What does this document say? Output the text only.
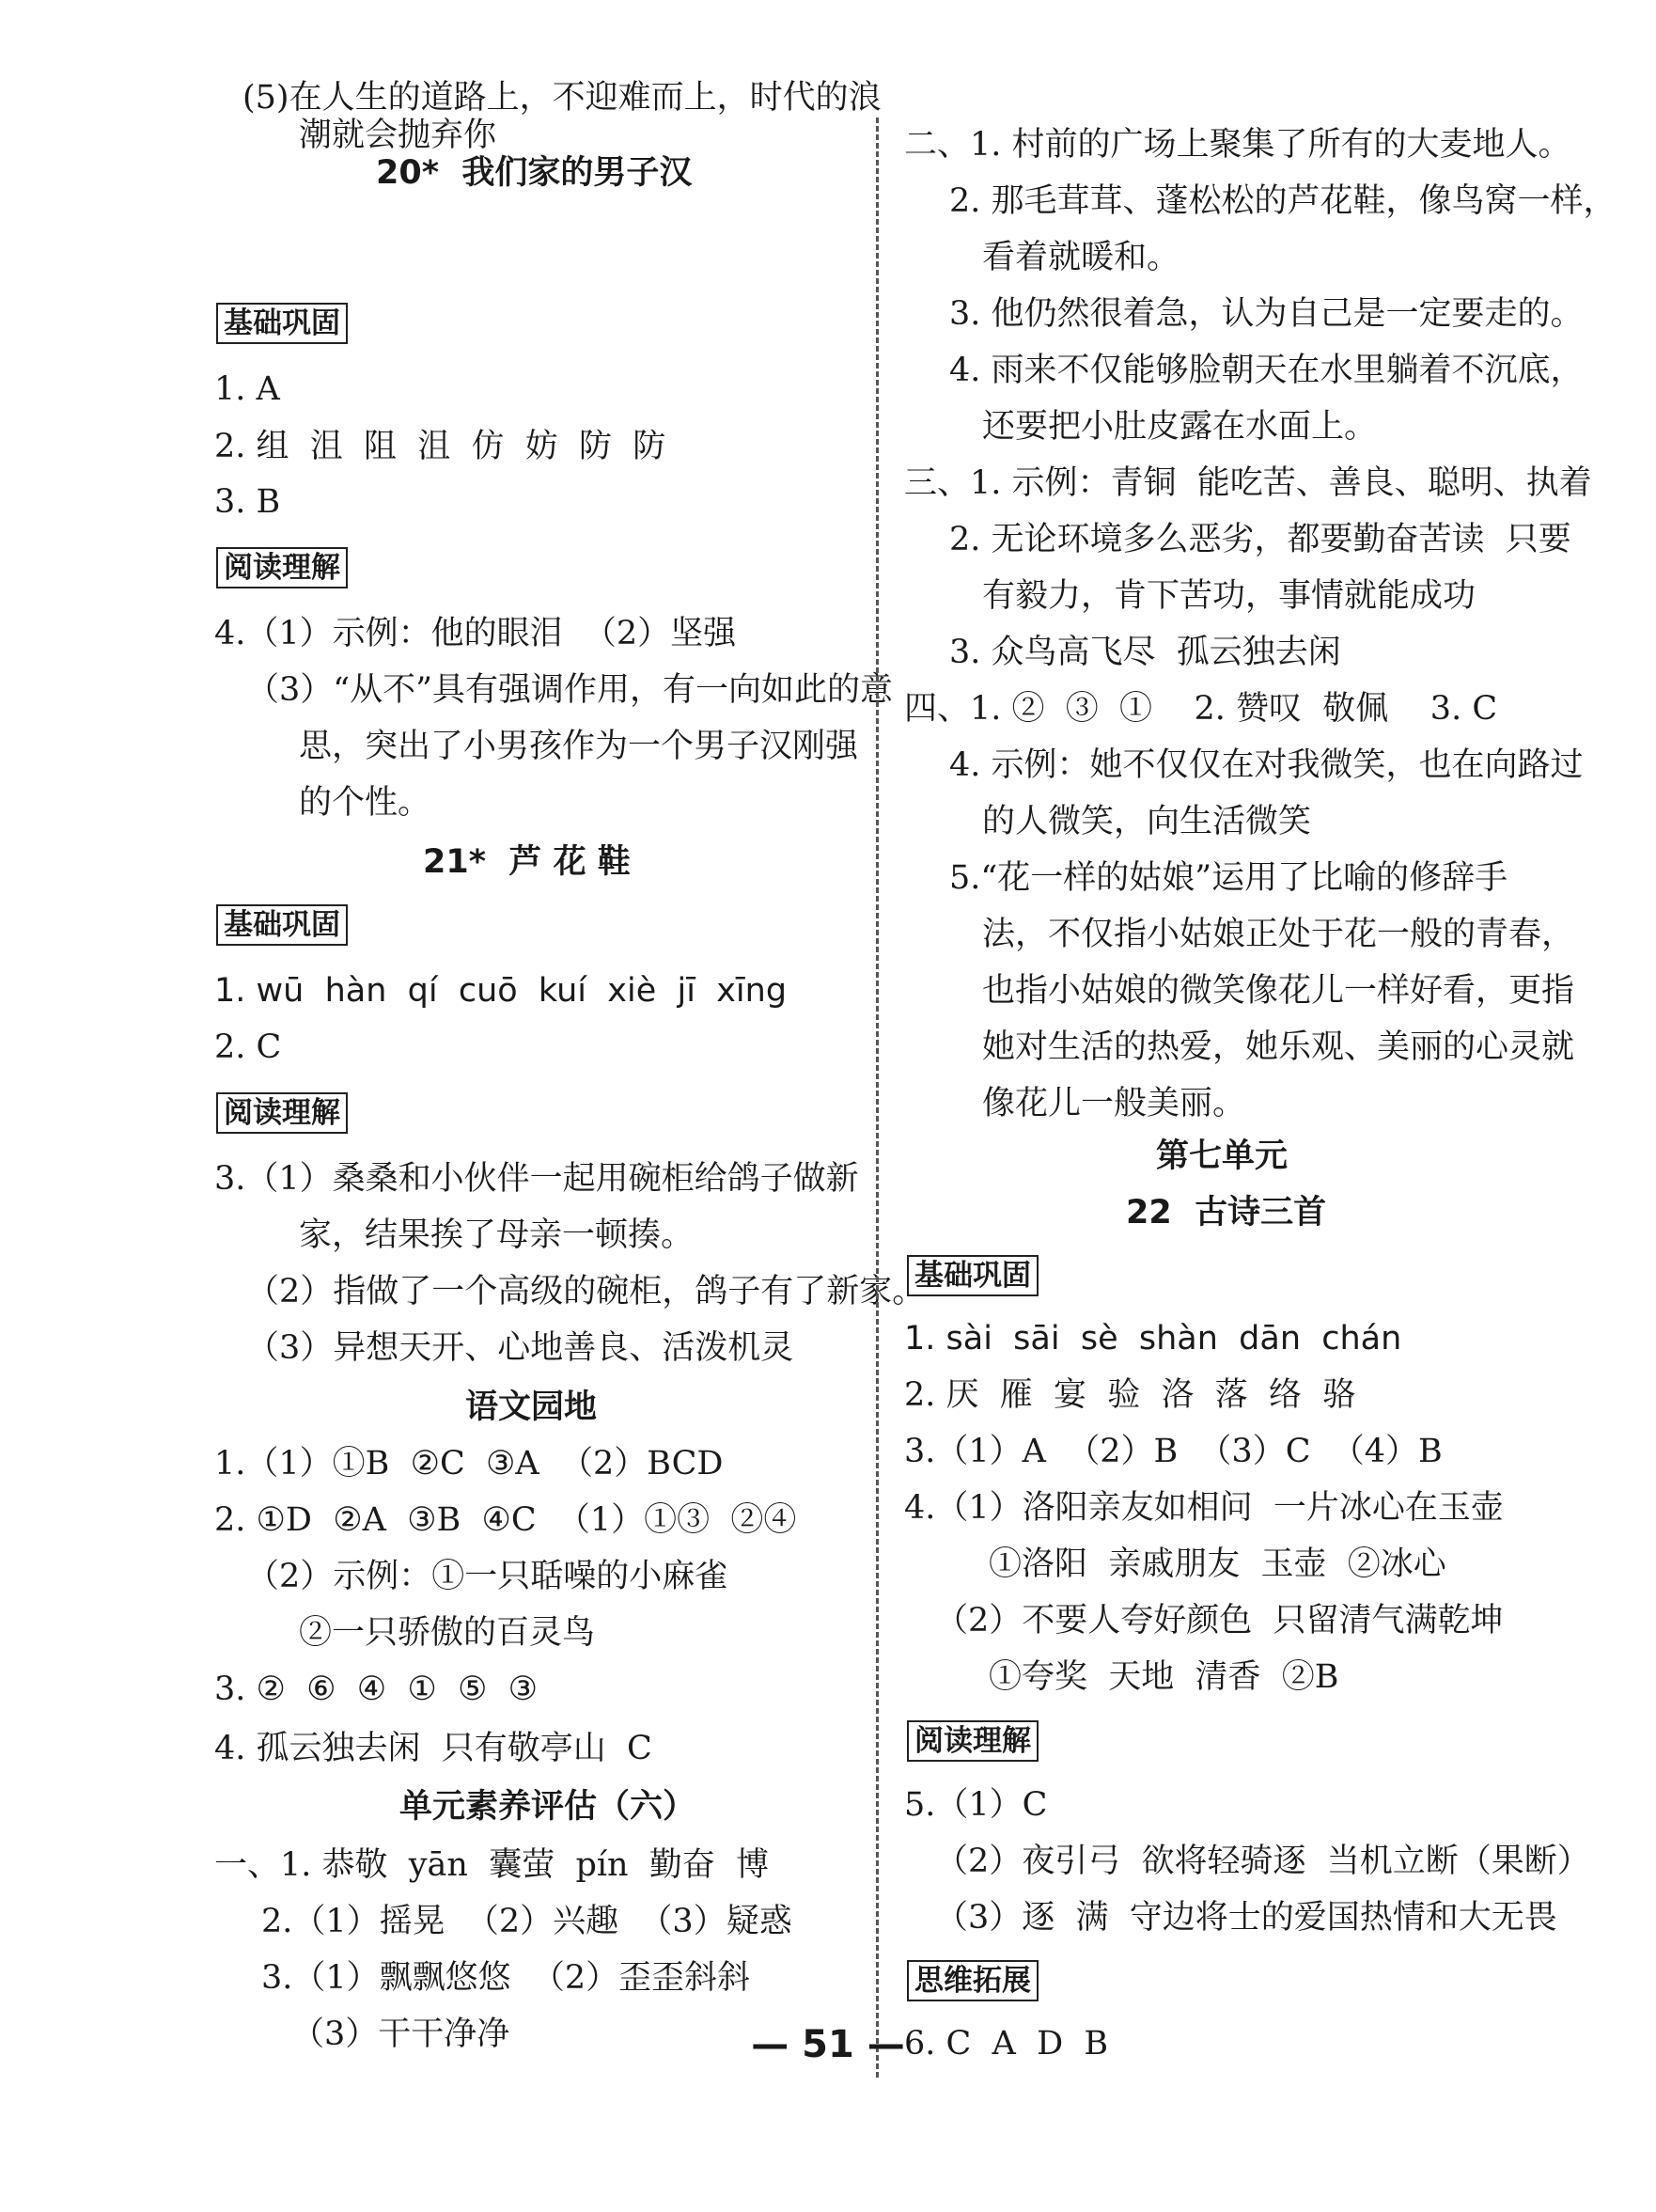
(5)在人生的道路上，不迎难而上，时代的浪
潮就会抛弃你
20*  我们家的男子汉
基础巩固
1. A
2. 组  沮  阻  沮  仿  妨  防  防
3. B
阅读理解
4.（1）示例：他的眼泪  （2）坚强
（3）“从不”具有强调作用，有一向如此的意
思，突出了小男孩作为一个男子汉刚强
的个性。
21*  芦 花 鞋
基础巩固
1. wū  hàn  qí  cuō  kuí  xiè  jī  xīng
2. C
阅读理解
3.（1）桑桑和小伙伴一起用碗柜给鸽子做新
家，结果挨了母亲一顿揍。
（2）指做了一个高级的碗柜，鸽子有了新家。
（3）异想天开、心地善良、活泼机灵
语文园地
1.（1）①B  ②C  ③A  （2）BCD
2. ①D  ②A  ③B  ④C  （1）①③  ②④
（2）示例：①一只聒噪的小麻雀
②一只骄傲的百灵鸟
3. ②  ⑥  ④  ①  ⑤  ③
4. 孤云独去闲  只有敬亭山  C
单元素养评估（六）
一、1. 恭敬  yān  囊萤  pín  勤奋  博
2.（1）摇晃  （2）兴趣  （3）疑惑
3.（1）飘飘悠悠  （2）歪歪斜斜
（3）干干净净
二、1. 村前的广场上聚集了所有的大麦地人。
2. 那毛茸茸、蓬松松的芦花鞋，像鸟窝一样，
看着就暖和。
3. 他仍然很着急，认为自己是一定要走的。
4. 雨来不仅能够脸朝天在水里躺着不沉底，
还要把小肚皮露在水面上。
三、1. 示例：青铜  能吃苦、善良、聪明、执着
2. 无论环境多么恶劣，都要勤奋苦读  只要
有毅力，肯下苦功，事情就能成功
3. 众鸟高飞尽  孤云独去闲
四、1. ②  ③  ①    2. 赞叹  敬佩    3. C
4. 示例：她不仅仅在对我微笑，也在向路过
的人微笑，向生活微笑
5.“花一样的姑娘”运用了比喻的修辞手
法，不仅指小姑娘正处于花一般的青春，
也指小姑娘的微笑像花儿一样好看，更指
她对生活的热爱，她乐观、美丽的心灵就
像花儿一般美丽。
第七单元
22  古诗三首
基础巩固
1. sài  sāi  sè  shàn  dān  chán
2. 厌  雁  宴  验  洛  落  络  骆
3.（1）A  （2）B  （3）C  （4）B
4.（1）洛阳亲友如相问  一片冰心在玉壶
①洛阳  亲戚朋友  玉壶  ②冰心
（2）不要人夸好颜色  只留清气满乾坤
①夸奖  天地  清香  ②B
阅读理解
5.（1）C
（2）夜引弓  欲将轻骑逐  当机立断（果断）
（3）逐  满  守边将士的爱国热情和大无畏
思维拓展
6. C  A  D  B
— 51 —
